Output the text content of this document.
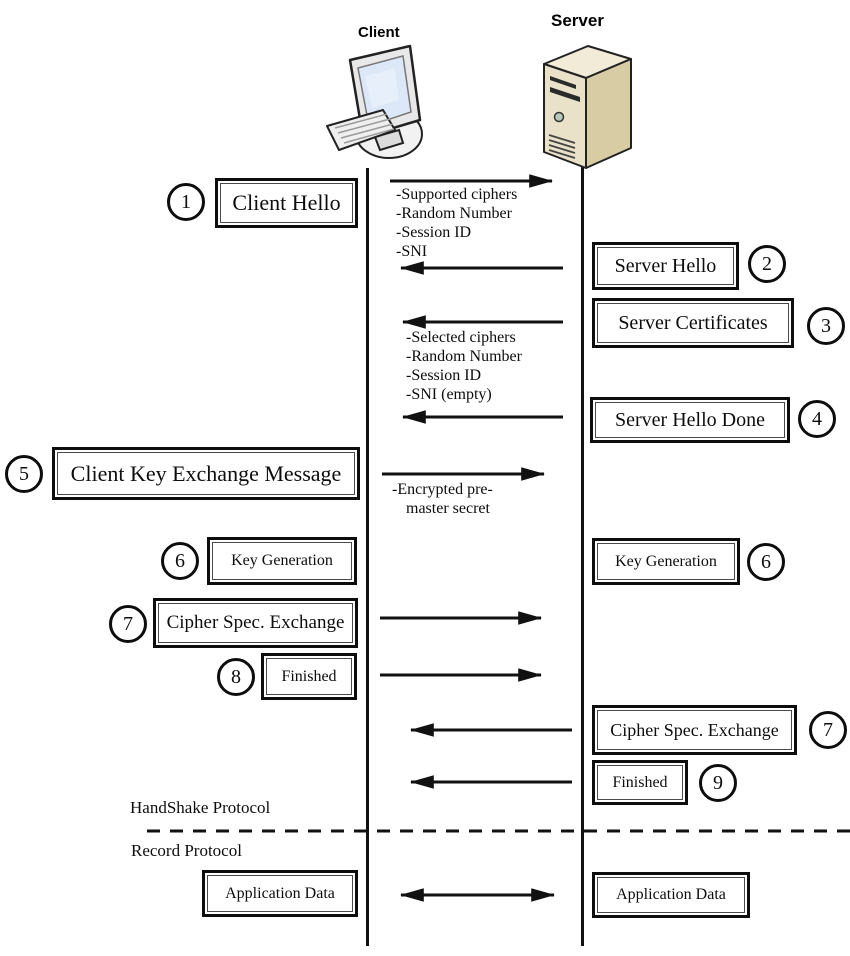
Client
Server
Client Hello
Server Hello
Server Certificates
Server Hello Done
Client Key Exchange Message
Key Generation	Key Generation
Cipher Spec. Exchange
Finished
Cipher Spec. Exchange
Finished
Application Data	Application Data
1
2
3
4
5
6	6
7
8
7
9
-Supported ciphers
-Random Number
-Session ID
-SNI
-Selected ciphers
-Random Number
-Session ID
-SNI (empty)
-Encrypted pre-
master secret
HandShake Protocol
Record Protocol
